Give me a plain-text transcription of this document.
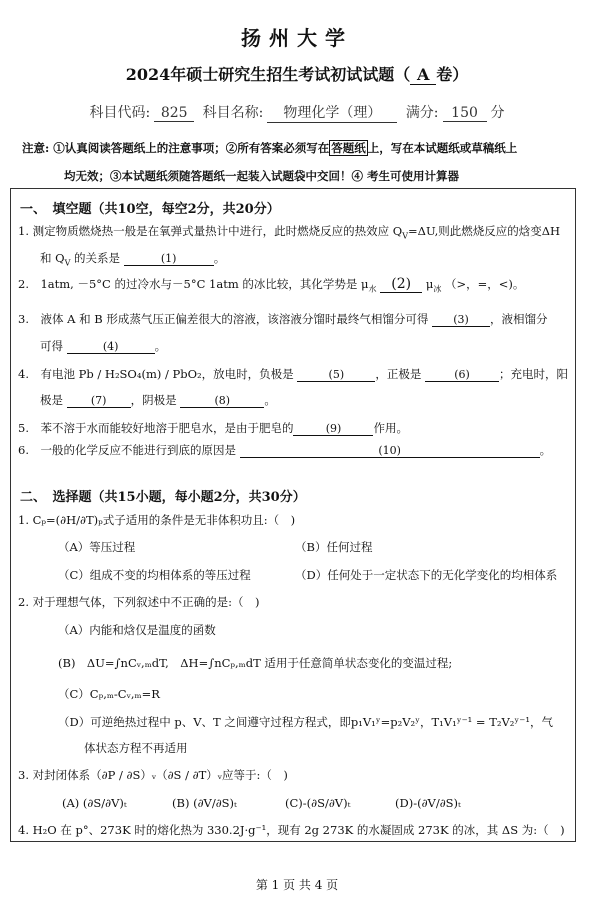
扬州大学
2024年硕士研究生招生考试初试试题（ A 卷）
科目代码: 825 科目名称: 物理化学（理） 满分: 150 分
注意: ①认真阅读答题纸上的注意事项；②所有答案必须写在 答题纸 上，写在本试题纸或草稿纸上
均无效；③本试题纸须随答题纸一起装入试题袋中交回！④ 考生可使用计算器
一、　填空题（共10空，每空2分，共20分）
1. 测定物质燃烧热一般是在氧弹式量热计中进行，此时燃烧反应的热效应 $Q_V=\Delta U$,则此燃烧反应的焓变ΔH
和 $Q_V$ 的关系是	(1)	。
2.　1atm, －5°C 的过冷水与－5°C 1atm 的冰比较，其化学势是 $\mu_水$ (2) $\mu_冰$ （>，=，<)。
3.　液体 A 和 B 形成蒸气压正偏差很大的溶液，该溶液分馏时最终气相馏分可得 (3) ，液相馏分
可得	(4)	。
4.　有电池 Pb / H₂SO₄(m) / PbO₂，放电时，负极是	(5)	，正极是	(6)	；充电时，阳
极是	(7) ，阴极是	(8)	。
5.　苯不溶于水而能较好地溶于肥皂水，是由于肥皂的	(9)	作用。
6.　一般的化学反应不能进行到底的原因是	(10)	。
二、　选择题（共15小题，每小题2分，共30分）
1. Cₚ=(∂H/∂T)ₚ式子适用的条件是无非体积功且:（　)
（A）等压过程	（B）任何过程
（C）组成不变的均相体系的等压过程	（D）任何处于一定状态下的无化学变化的均相体系
2. 对于理想气体，下列叙述中不正确的是:（　)
（A）内能和焓仅是温度的函数
(B)　ΔU=∫nCᵥ,ₘdT,　ΔH=∫nCₚ,ₘdT 适用于任意简单状态变化的变温过程;
（C）Cₚ,ₘ-Cᵥ,ₘ=R
（D）可逆绝热过程中 p、V、T 之间遵守过程方程式，即p₁V₁ʸ=p₂V₂ʸ，T₁V₁ʸ⁻¹ = T₂V₂ʸ⁻¹，气
体状态方程不再适用
3. 对封闭体系（∂P / ∂S）ᵥ（∂S / ∂T）ᵥ应等于:（　)
(A) (∂S/∂V)ₜ	(B) (∂V/∂S)ₜ	(C)-(∂S/∂V)ₜ	(D)-(∂V/∂S)ₜ
4. H₂O 在 p°、273K 时的熔化热为 330.2J·g⁻¹，现有 2g 273K 的水凝固成 273K 的冰，其 ΔS 为:（　)
第 1 页 共 4 页
